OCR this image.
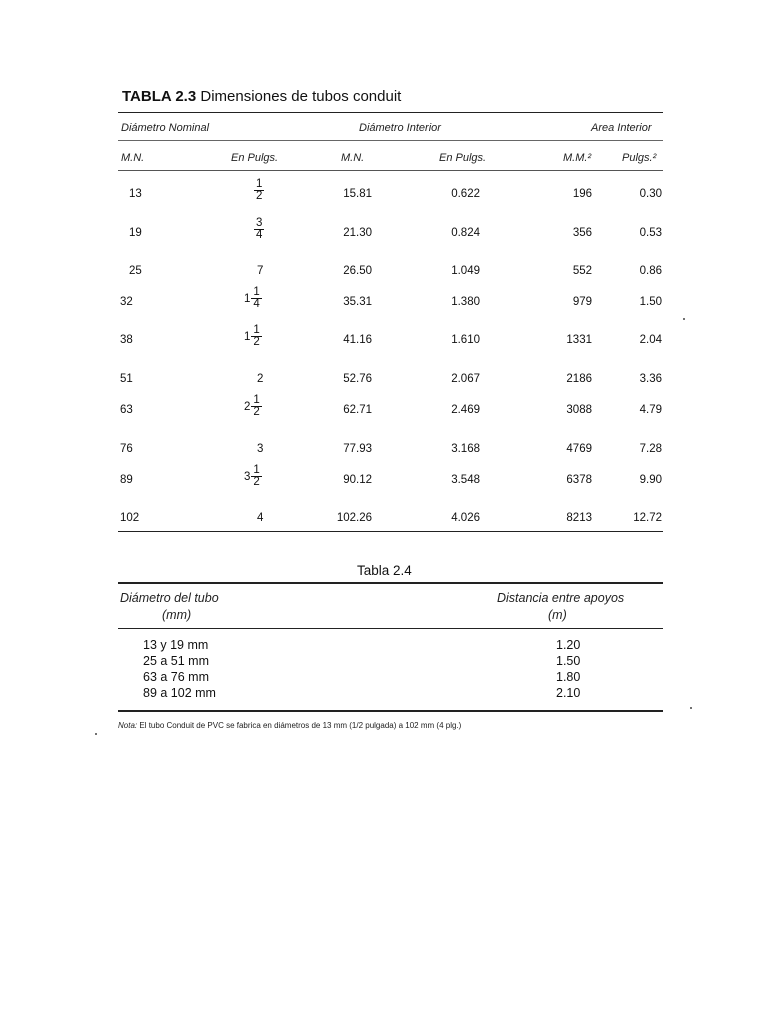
TABLA 2.3 Dimensiones de tubos conduit
Diámetro Nominal	Diámetro Interior	Area Interior
M.N.	En Pulgs.	M.N.	En Pulgs.	M.M.²	Pulgs.²
13	$\frac{1}{2}$	15.81	0.622	196	0.30
19	$\frac{3}{4}$	21.30	0.824	356	0.53
25	7	26.50	1.049	552	0.86
32	$1 \frac{1}{4}$	35.31	1.380	979	1.50
38	$1 \frac{1}{2}$	41.16	1.610	1331	2.04
51	2	52.76	2.067	2186	3.36
63	$2 \frac{1}{2}$	62.71	2.469	3088	4.79
76	3	77.93	3.168	4769	7.28
89	$3 \frac{1}{2}$	90.12	3.548	6378	9.90
102	4	102.26	4.026	8213	12.72
Tabla 2.4
Diámetro del tubo
(mm)
Distancia entre apoyos
(m)
13 y 19 mm	1.20
25 a 51 mm	1.50
63 a 76 mm	1.80
89 a 102 mm	2.10
Nota: El tubo Conduit de PVC se fabrica en diámetros de 13 mm (1/2 pulgada) a 102 mm (4 plg.)
